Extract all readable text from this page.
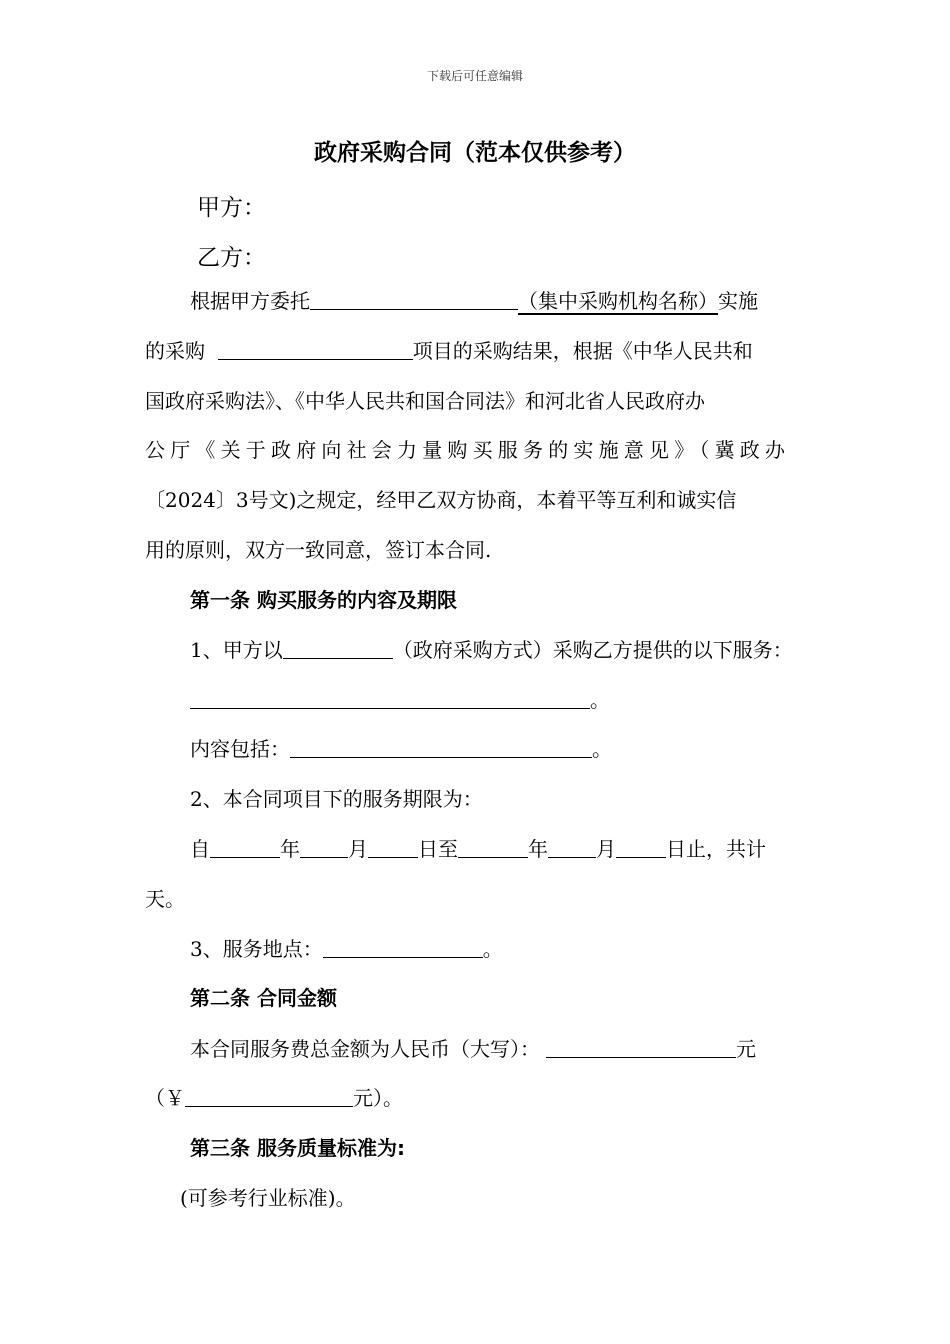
下载后可任意编辑
政府采购合同（范本仅供参考）
甲方：
乙方：
根据甲方委托	（集中采购机构名称）实施
的采购	项目的采购结果，根据《中华人民共和
国政府采购法》、《中华人民共和国合同法》和河北省人民政府办
公厅《关于政府向社会力量购买服务的实施意见》（冀政办
〔2024〕3号文)之规定，经甲乙双方协商，本着平等互利和诚实信
用的原则，双方一致同意，签订本合同.
第一条 购买服务的内容及期限
1、甲方以	（政府采购方式）采购乙方提供的以下服务：
。
内容包括：	。
2、本合同项目下的服务期限为：
自	年 月	日至	年 月	日止，共计
天。
3、服务地点：	。
第二条 合同金额
本合同服务费总金额为人民币（大写）：	元
（￥	元）。
第三条 服务质量标准为:
(可参考行业标准)。
